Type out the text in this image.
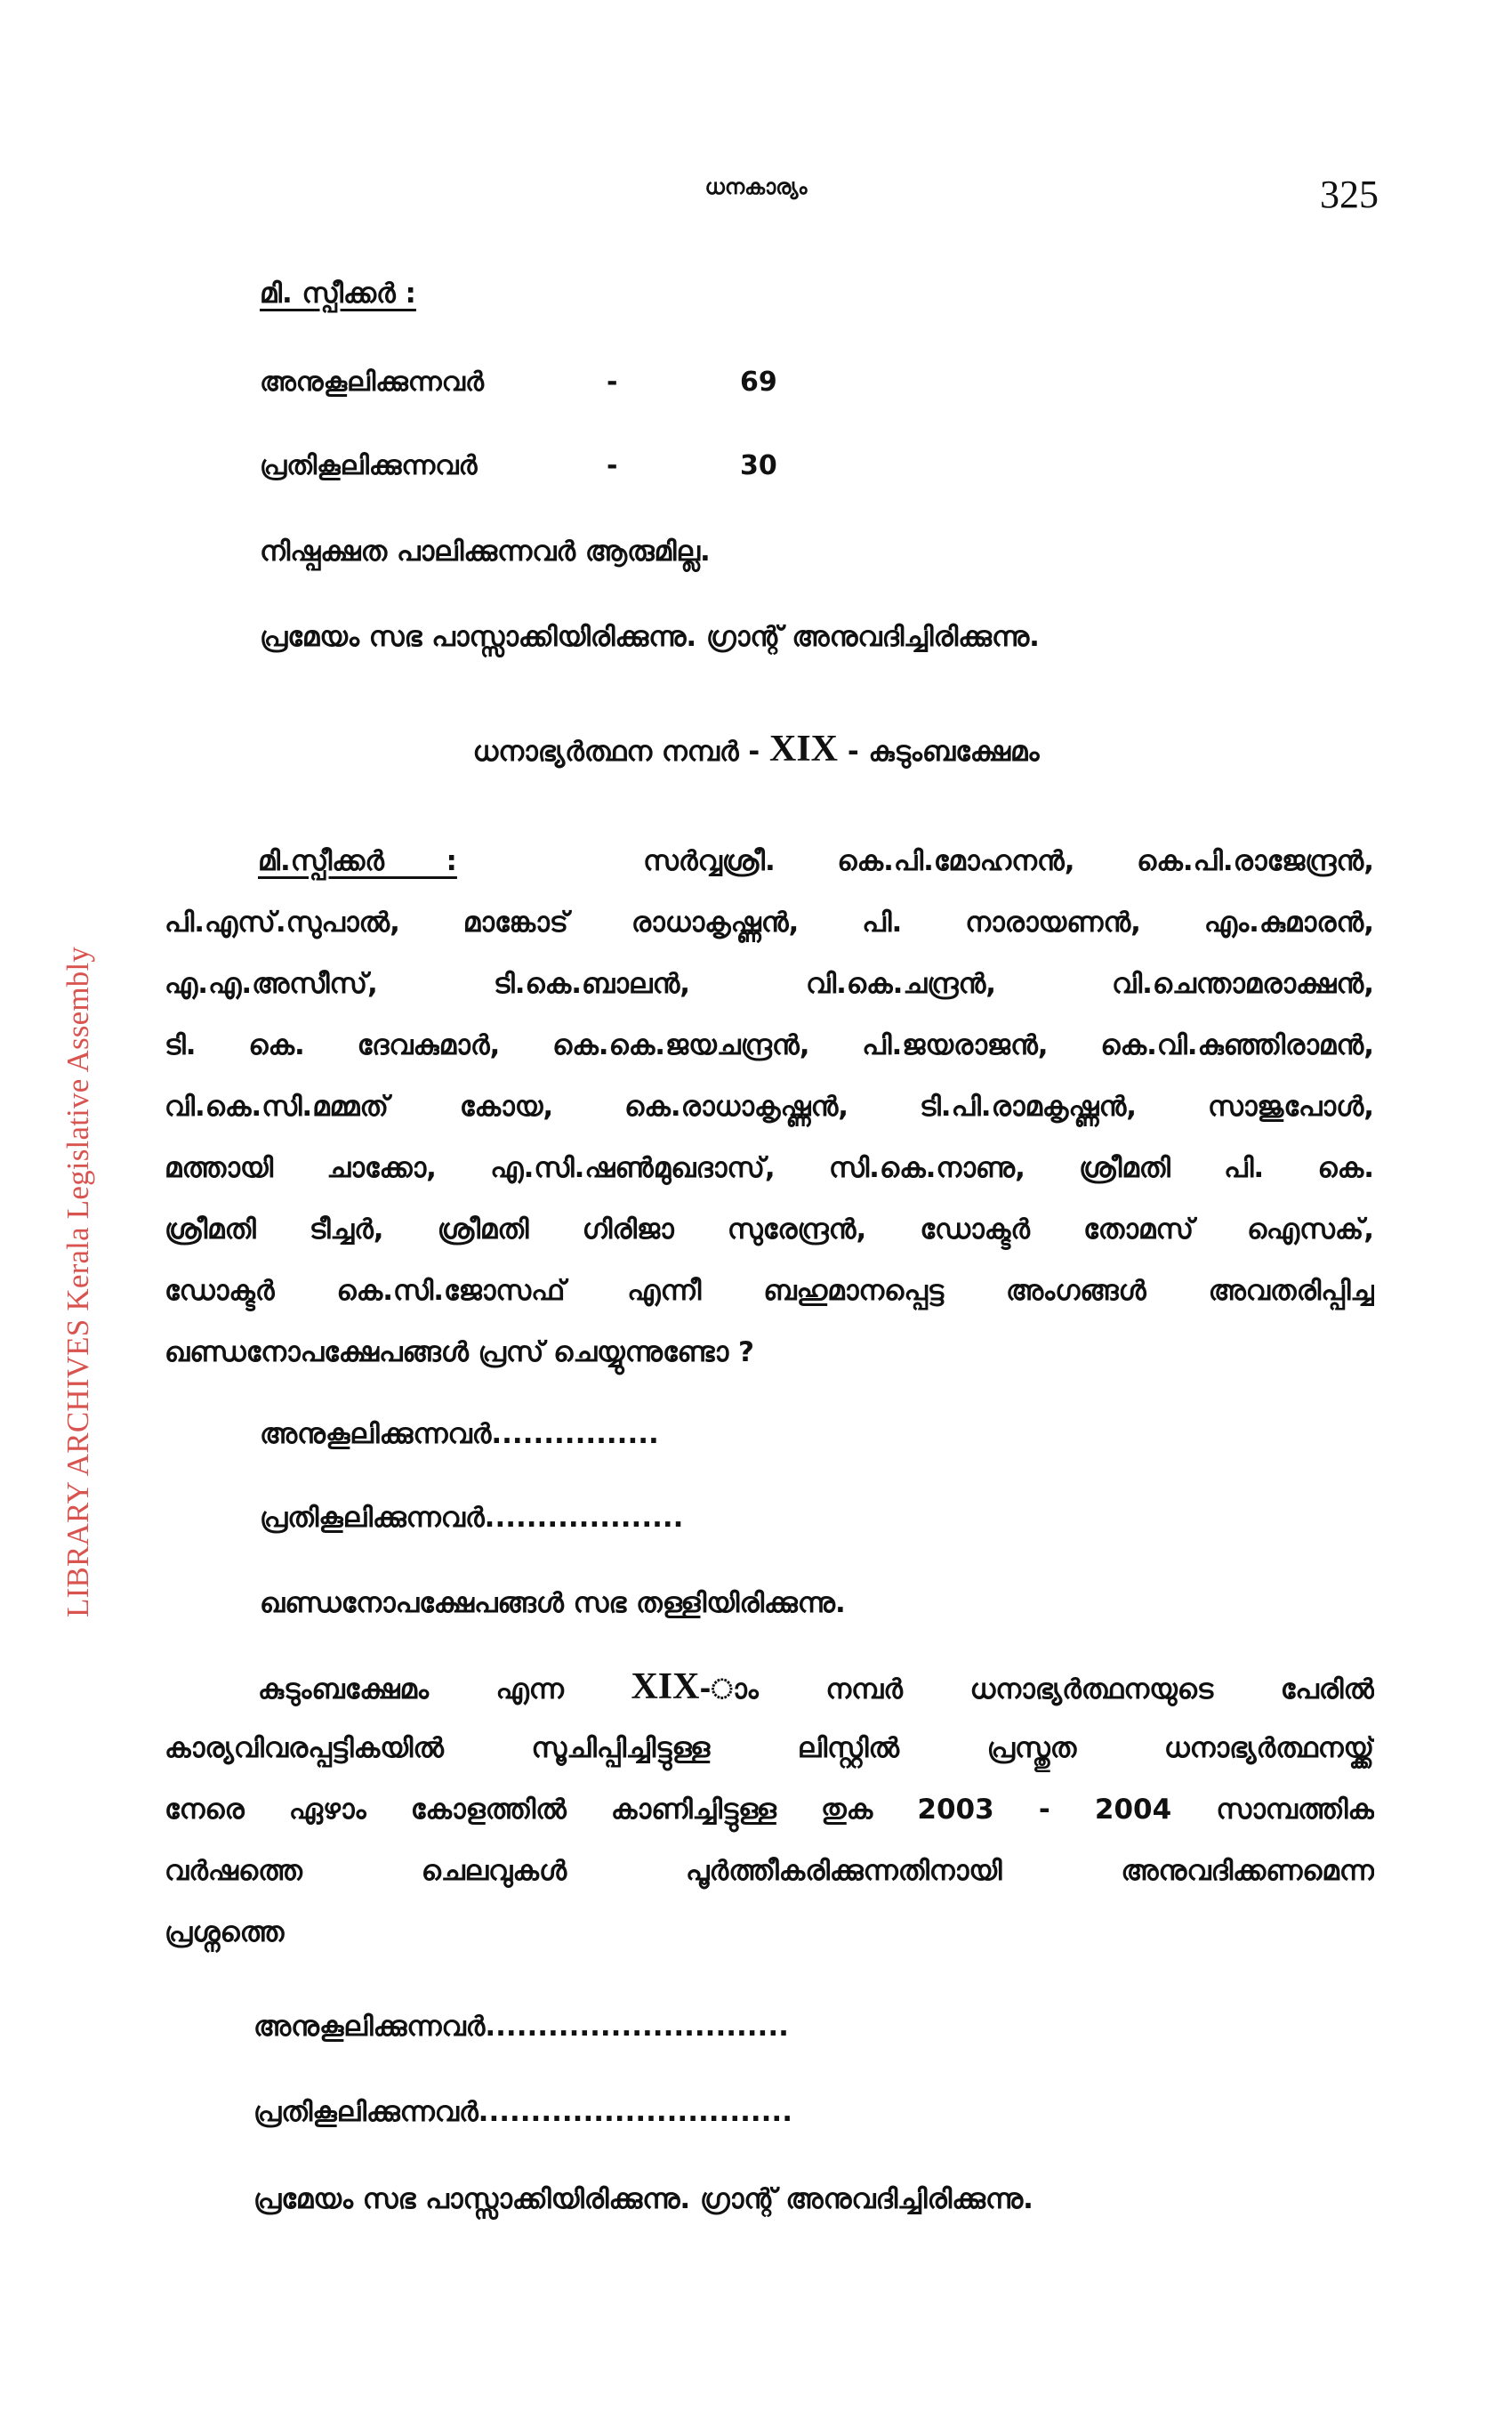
LIBRARY ARCHIVES Kerala Legislative Assembly
ധനകാര്യം	325
മി. സ്പീക്കർ :
അനുകൂലിക്കുന്നവർ	-	69
പ്രതികൂലിക്കുന്നവർ	-	30
നിഷ്പക്ഷത പാലിക്കുന്നവർ ആരുമില്ല.
പ്രമേയം സഭ പാസ്സാക്കിയിരിക്കുന്നു. ഗ്രാന്റ് അനുവദിച്ചിരിക്കുന്നു.
ധനാഭ്യർത്ഥന നമ്പർ - XIX - കുടുംബക്ഷേമം
മി.സ്പീക്കർ :	സർവ്വശ്രീ. കെ.പി.മോഹനൻ, കെ.പി.രാജേന്ദ്രൻ,
പി.എസ്.സുപാൽ, മാങ്കോട് രാധാകൃഷ്ണൻ, പി. നാരായണൻ, എം.കുമാരൻ,
എ.എ.അസീസ്, ടി.കെ.ബാലൻ, വി.കെ.ചന്ദ്രൻ, വി.ചെന്താമരാക്ഷൻ,
ടി. കെ. ദേവകുമാർ, കെ.കെ.ജയചന്ദ്രൻ, പി.ജയരാജൻ, കെ.വി.കുഞ്ഞിരാമൻ,
വി.കെ.സി.മമ്മത് കോയ, കെ.രാധാകൃഷ്ണൻ, ടി.പി.രാമകൃഷ്ണൻ, സാജുപോൾ,
മത്തായി ചാക്കോ, എ.സി.ഷൺമുഖദാസ്, സി.കെ.നാണു, ശ്രീമതി പി. കെ.
ശ്രീമതി ടീച്ചർ, ശ്രീമതി ഗിരിജാ സുരേന്ദ്രൻ, ഡോക്ടർ തോമസ് ഐസക്,
ഡോക്ടർ കെ.സി.ജോസഫ് എന്നീ ബഹുമാനപ്പെട്ട അംഗങ്ങൾ അവതരിപ്പിച്ച
ഖണ്ഡനോപക്ഷേപങ്ങൾ പ്രസ് ചെയ്യുന്നുണ്ടോ ?
അനുകൂലിക്കുന്നവർ................
പ്രതികൂലിക്കുന്നവർ...................
ഖണ്ഡനോപക്ഷേപങ്ങൾ സഭ തള്ളിയിരിക്കുന്നു.
കുടുംബക്ഷേമം എന്ന XIX-ാം നമ്പർ ധനാഭ്യർത്ഥനയുടെ പേരിൽ
കാര്യവിവരപ്പട്ടികയിൽ സൂചിപ്പിച്ചിട്ടുള്ള ലിസ്റ്റിൽ പ്രസ്തുത ധനാഭ്യർത്ഥനയ്ക്ക്
നേരെ ഏഴാം കോളത്തിൽ കാണിച്ചിട്ടുള്ള തുക 2003 - 2004 സാമ്പത്തിക
വർഷത്തെ ചെലവുകൾ പൂർത്തീകരിക്കുന്നതിനായി അനുവദിക്കണമെന്ന
പ്രശ്നത്തെ
അനുകൂലിക്കുന്നവർ.............................
പ്രതികൂലിക്കുന്നവർ..............................
പ്രമേയം സഭ പാസ്സാക്കിയിരിക്കുന്നു. ഗ്രാന്റ് അനുവദിച്ചിരിക്കുന്നു.
